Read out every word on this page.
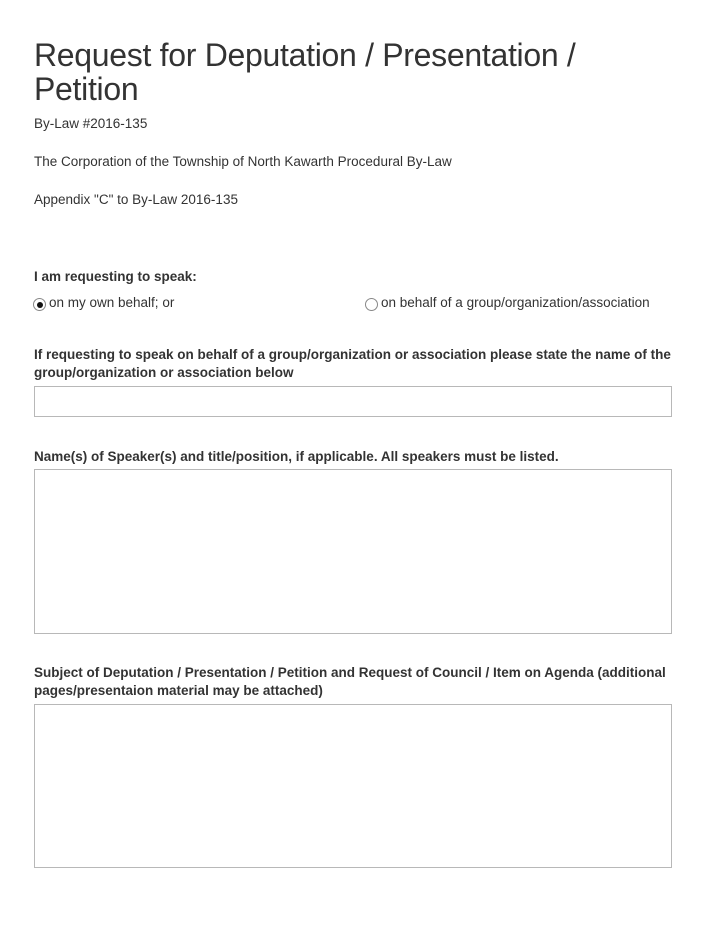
Request for Deputation / Presentation / Petition

By-Law #2016-135

The Corporation of the Township of North Kawarth Procedural By-Law

Appendix "C" to By-Law 2016-135

I am requesting to speak:

on my own behalf; or	on behalf of a group/organization/association

If requesting to speak on behalf of a group/organization or association please state the name of the group/organization or association below

Name(s) of Speaker(s) and title/position, if applicable. All speakers must be listed.

Subject of Deputation / Presentation / Petition and Request of Council / Item on Agenda (additional pages/presentaion material may be attached)
